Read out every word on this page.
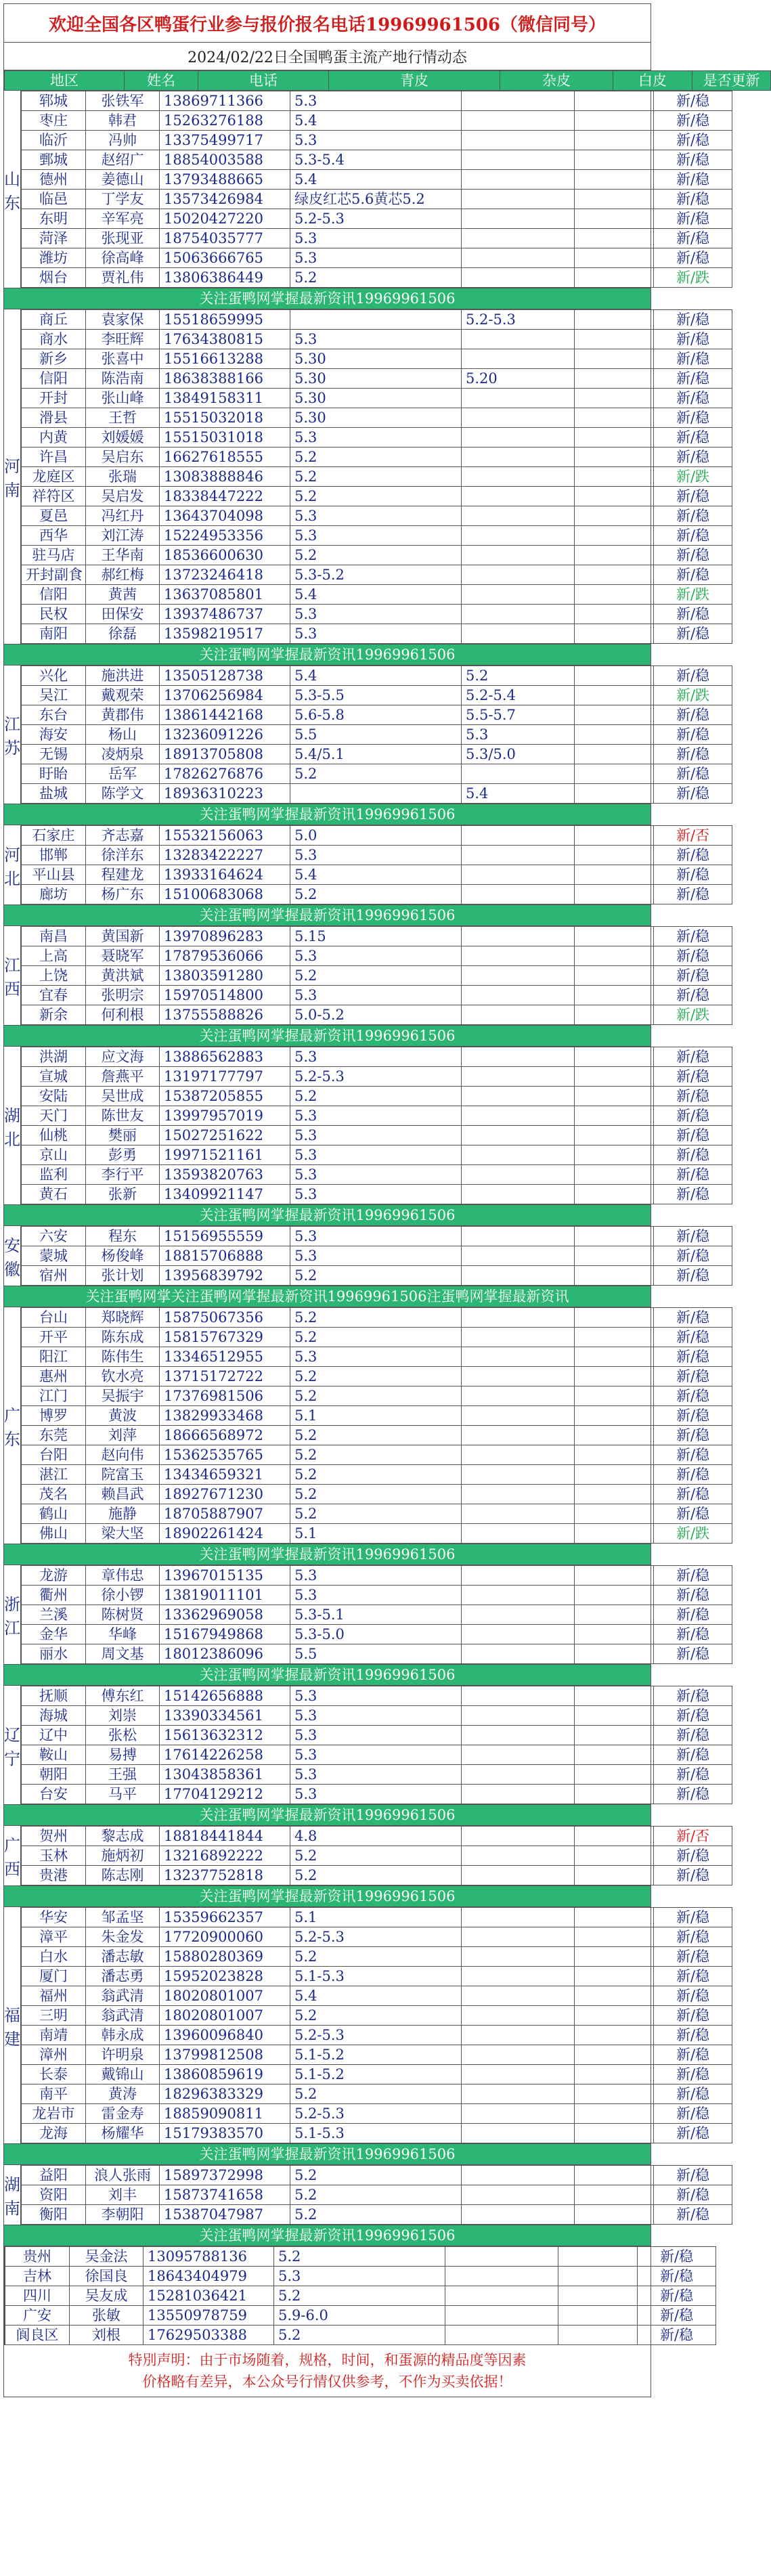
欢迎全国各区鸭蛋行业参与报价报名电话19969961506（微信同号）
2024/02/22日全国鸭蛋主流产地行情动态
地区	姓名	电话	青皮	杂皮	白皮	是否更新
山东
郓城	张铁军	13869711366	5.3			新/稳
枣庄	韩君	15263276188	5.4			新/稳
临沂	冯帅	13375499717	5.3			新/稳
鄄城	赵绍广	18854003588	5.3-5.4			新/稳
德州	姜德山	13793488665	5.4			新/稳
临邑	丁学友	13573426984	绿皮红芯5.6黄芯5.2			新/稳
东明	辛军亮	15020427220	5.2-5.3			新/稳
菏泽	张现亚	18754035777	5.3			新/稳
潍坊	徐高峰	15063666765	5.3			新/稳
烟台	贾礼伟	13806386449	5.2			新/跌
关注蛋鸭网掌握最新资讯19969961506
河南
商丘	袁家保	15518659995		5.2-5.3		新/稳
商水	李旺辉	17634380815	5.3			新/稳
新乡	张喜中	15516613288	5.30			新/稳
信阳	陈浩南	18638388166	5.30	5.20		新/稳
开封	张山峰	13849158311	5.30			新/稳
滑县	王哲	15515032018	5.30			新/稳
内黄	刘媛媛	15515031018	5.3			新/稳
许昌	吴启东	16627618555	5.2			新/稳
龙庭区	张瑞	13083888846	5.2			新/跌
祥符区	吴启发	18338447222	5.2			新/稳
夏邑	冯红丹	13643704098	5.3			新/稳
西华	刘江涛	15224953356	5.3			新/稳
驻马店	王华南	18536600630	5.2			新/稳
开封副食	郝红梅	13723246418	5.3-5.2			新/稳
信阳	黄茜	13637085801	5.4			新/跌
民权	田保安	13937486737	5.3			新/稳
南阳	徐磊	13598219517	5.3			新/稳
关注蛋鸭网掌握最新资讯19969961506
江苏
兴化	施洪进	13505128738	5.4	5.2		新/稳
吴江	戴观荣	13706256984	5.3-5.5	5.2-5.4		新/跌
东台	黄郡伟	13861442168	5.6-5.8	5.5-5.7		新/稳
海安	杨山	13236091226	5.5	5.3		新/稳
无锡	凌炳泉	18913705808	5.4/5.1	5.3/5.0		新/稳
盱眙	岳军	17826276876	5.2			新/稳
盐城	陈学文	18936310223		5.4		新/稳
关注蛋鸭网掌握最新资讯19969961506
河北
石家庄	齐志嘉	15532156063	5.0			新/否
邯郸	徐洋东	13283422227	5.3			新/稳
平山县	程建龙	13933164624	5.4			新/稳
廊坊	杨广东	15100683068	5.2			新/稳
关注蛋鸭网掌握最新资讯19969961506
江西
南昌	黄国新	13970896283	5.15			新/稳
上高	聂晓军	17879536066	5.3			新/稳
上饶	黄洪斌	13803591280	5.2			新/稳
宜春	张明宗	15970514800	5.3			新/稳
新余	何利根	13755588826	5.0-5.2			新/跌
关注蛋鸭网掌握最新资讯19969961506
湖北
洪湖	应文海	13886562883	5.3			新/稳
宣城	詹燕平	13197177797	5.2-5.3			新/稳
安陆	吴世成	15387205855	5.2			新/稳
天门	陈世友	13997957019	5.3			新/稳
仙桃	樊丽	15027251622	5.3			新/稳
京山	彭勇	19971521161	5.3			新/稳
监利	李行平	13593820763	5.3			新/稳
黄石	张新	13409921147	5.3			新/稳
关注蛋鸭网掌握最新资讯19969961506
安徽
六安	程东	15156955559	5.3			新/稳
蒙城	杨俊峰	18815706888	5.3			新/稳
宿州	张计划	13956839792	5.2			新/稳
关注蛋鸭网掌关注蛋鸭网掌握最新资讯19969961506注蛋鸭网掌握最新资讯
广东
台山	郑晓辉	15875067356	5.2			新/稳
开平	陈东成	15815767329	5.2			新/稳
阳江	陈伟生	13346512955	5.3			新/稳
惠州	钦水亮	13715172722	5.2			新/稳
江门	吴振宇	17376981506	5.2			新/稳
博罗	黄波	13829933468	5.1			新/稳
东莞	刘萍	18666568972	5.2			新/稳
台阳	赵向伟	15362535765	5.2			新/稳
湛江	院富玉	13434659321	5.2			新/稳
茂名	赖昌武	18927671230	5.2			新/稳
鹤山	施静	18705887907	5.2			新/稳
佛山	梁大坚	18902261424	5.1			新/跌
关注蛋鸭网掌握最新资讯19969961506
浙江
龙游	章伟忠	13967015135	5.3			新/稳
衢州	徐小锣	13819011101	5.3			新/稳
兰溪	陈树贤	13362969058	5.3-5.1			新/稳
金华	华峰	15167949868	5.3-5.0			新/稳
丽水	周文基	18012386096	5.5			新/稳
关注蛋鸭网掌握最新资讯19969961506
辽宁
抚顺	傅东红	15142656888	5.3			新/稳
海城	刘崇	13390334561	5.3			新/稳
辽中	张松	15613632312	5.3			新/稳
鞍山	易搏	17614226258	5.3			新/稳
朝阳	王强	13043858361	5.3			新/稳
台安	马平	17704129212	5.3			新/稳
关注蛋鸭网掌握最新资讯19969961506
广西
贺州	黎志成	18818441844	4.8			新/否
玉林	施炳初	13216892222	5.2			新/稳
贵港	陈志刚	13237752818	5.2			新/稳
关注蛋鸭网掌握最新资讯19969961506
福建
华安	邹孟坚	15359662357	5.1			新/稳
漳平	朱金发	17720900060	5.2-5.3			新/稳
白水	潘志敏	15880280369	5.2			新/稳
厦门	潘志勇	15952023828	5.1-5.3			新/稳
福州	翁武清	18020801007	5.4			新/稳
三明	翁武清	18020801007	5.2			新/稳
南靖	韩永成	13960096840	5.2-5.3			新/稳
漳州	许明泉	13799812508	5.1-5.2			新/稳
长泰	戴锦山	13860859619	5.1-5.2			新/稳
南平	黄涛	18296383329	5.2			新/稳
龙岩市	雷金寿	18859090811	5.2-5.3			新/稳
龙海	杨耀华	15179383570	5.1-5.3			新/稳
关注蛋鸭网掌握最新资讯19969961506
湖南
益阳	浪人张雨	15897372998	5.2			新/稳
资阳	刘丰	15873741658	5.2			新/稳
衡阳	李朝阳	15387047987	5.2			新/稳
关注蛋鸭网掌握最新资讯19969961506
贵州	吴金法	13095788136	5.2			新/稳
吉林	徐国良	18643404979	5.3			新/稳
四川	吴友成	15281036421	5.2			新/稳
广安	张敏	13550978759	5.9-6.0			新/稳
阆良区	刘根	17629503388	5.2			新/稳
特別声明：由于市场随着，规格，时间，和蛋源的精品度等因素
价格略有差异，本公众号行情仅供参考，不作为买卖依据！
